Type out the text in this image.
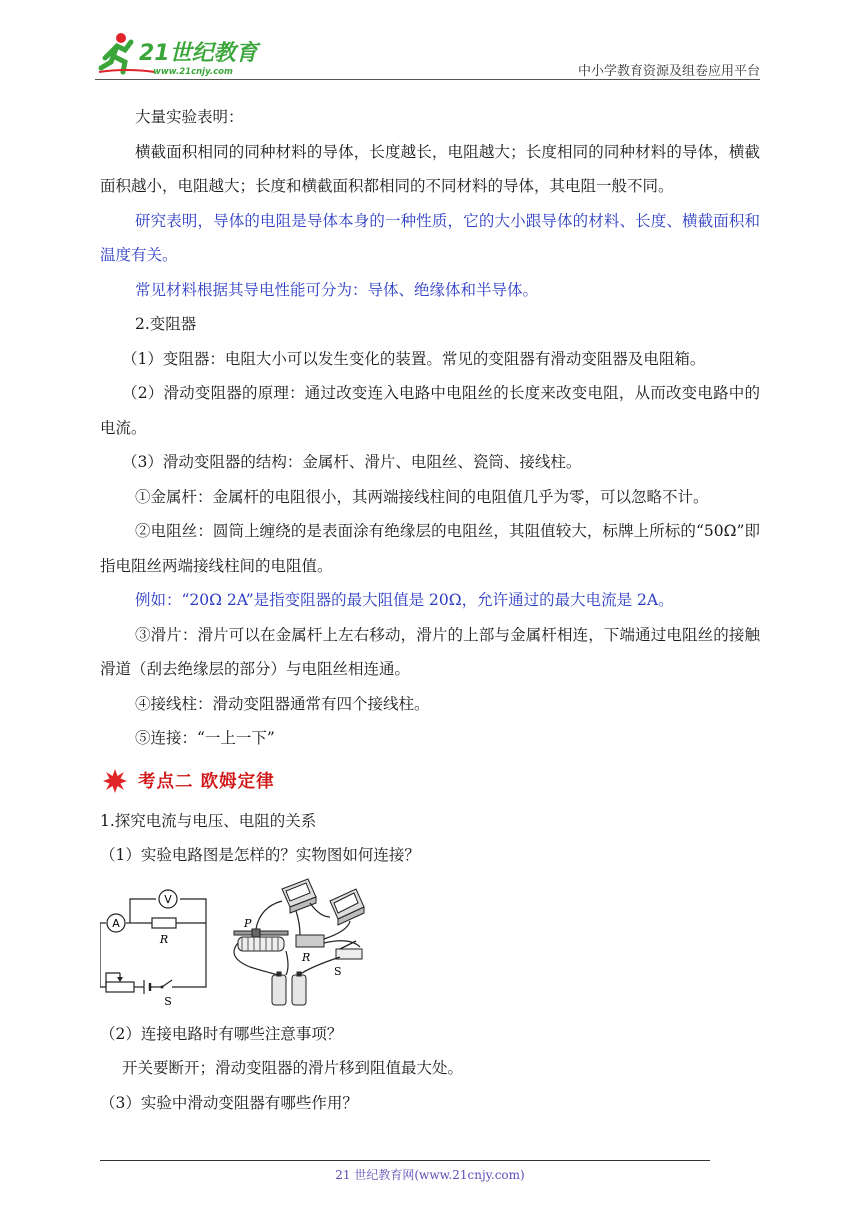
21世纪教育
www.21cnjy.com	中小学教育资源及组卷应用平台

大量实验表明：

横截面积相同的同种材料的导体，长度越长，电阻越大；长度相同的同种材料的导体，横截面积越小，电阻越大；长度和横截面积都相同的不同材料的导体，其电阻一般不同。

研究表明，导体的电阻是导体本身的一种性质，它的大小跟导体的材料、长度、横截面积和温度有关。

常见材料根据其导电性能可分为：导体、绝缘体和半导体。

2.变阻器

（1）变阻器：电阻大小可以发生变化的装置。常见的变阻器有滑动变阻器及电阻箱。

（2）滑动变阻器的原理：通过改变连入电路中电阻丝的长度来改变电阻，从而改变电路中的电流。

（3）滑动变阻器的结构：金属杆、滑片、电阻丝、瓷筒、接线柱。

①金属杆：金属杆的电阻很小，其两端接线柱间的电阻值几乎为零，可以忽略不计。

②电阻丝：圆筒上缠绕的是表面涂有绝缘层的电阻丝，其阻值较大，标牌上所标的“50Ω”即指电阻丝两端接线柱间的电阻值。

例如：“20Ω 2A”是指变阻器的最大阻值是 20Ω，允许通过的最大电流是 2A。

③滑片：滑片可以在金属杆上左右移动，滑片的上部与金属杆相连，下端通过电阻丝的接触滑道（刮去绝缘层的部分）与电阻丝相连通。

④接线柱：滑动变阻器通常有四个接线柱。

⑤连接：“一上一下”

考点二 欧姆定律

1.探究电流与电压、电阻的关系

（1）实验电路图是怎样的？实物图如何连接？

A
V
R
S
P
R
S

（2）连接电路时有哪些注意事项？

开关要断开；滑动变阻器的滑片移到阻值最大处。

（3）实验中滑动变阻器有哪些作用？

21 世纪教育网(www.21cnjy.com)
